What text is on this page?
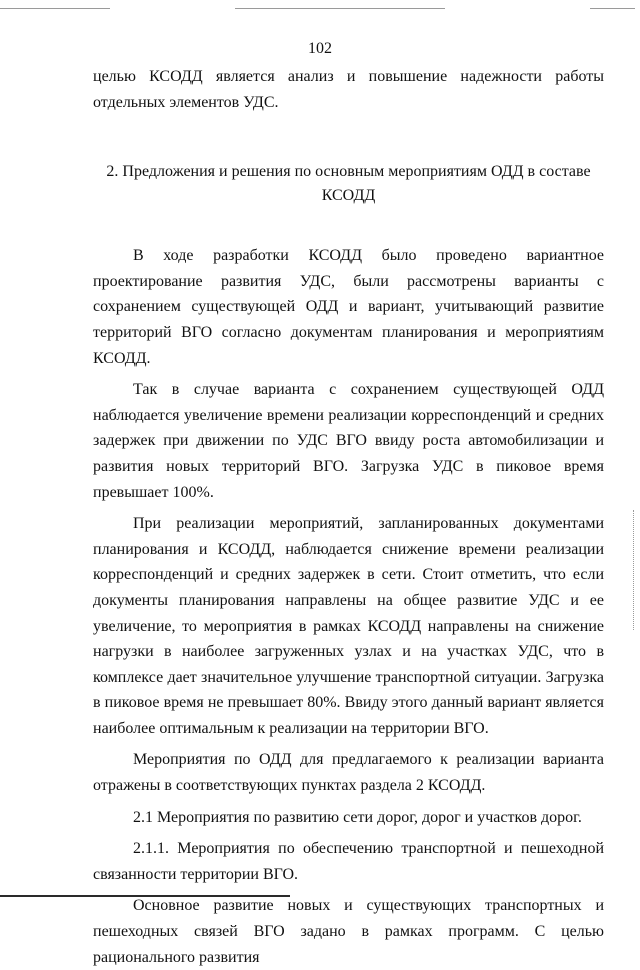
102

целью КСОДД является анализ и повышение надежности работы отдельных элементов УДС.

2. Предложения и решения по основным мероприятиям ОДД в составе КСОДД

В ходе разработки КСОДД было проведено вариантное проектирование развития УДС, были рассмотрены варианты с сохранением существующей ОДД и вариант, учитывающий развитие территорий ВГО согласно документам планирования и мероприятиям КСОДД.

Так в случае варианта с сохранением существующей ОДД наблюдается увеличение времени реализации корреспонденций и средних задержек при движении по УДС ВГО ввиду роста автомобилизации и развития новых территорий ВГО. Загрузка УДС в пиковое время превышает 100%.

При реализации мероприятий, запланированных документами планирования и КСОДД, наблюдается снижение времени реализации корреспонденций и средних задержек в сети. Стоит отметить, что если документы планирования направлены на общее развитие УДС и ее увеличение, то мероприятия в рамках КСОДД направлены на снижение нагрузки в наиболее загруженных узлах и на участках УДС, что в комплексе дает значительное улучшение транспортной ситуации. Загрузка в пиковое время не превышает 80%. Ввиду этого данный вариант является наиболее оптимальным к реализации на территории ВГО.

Мероприятия по ОДД для предлагаемого к реализации варианта отражены в соответствующих пунктах раздела 2 КСОДД.

2.1 Мероприятия по развитию сети дорог, дорог и участков дорог.

2.1.1. Мероприятия по обеспечению транспортной и пешеходной связанности территории ВГО.

Основное развитие новых и существующих транспортных и пешеходных связей ВГО задано в рамках программ. С целью рационального развития
